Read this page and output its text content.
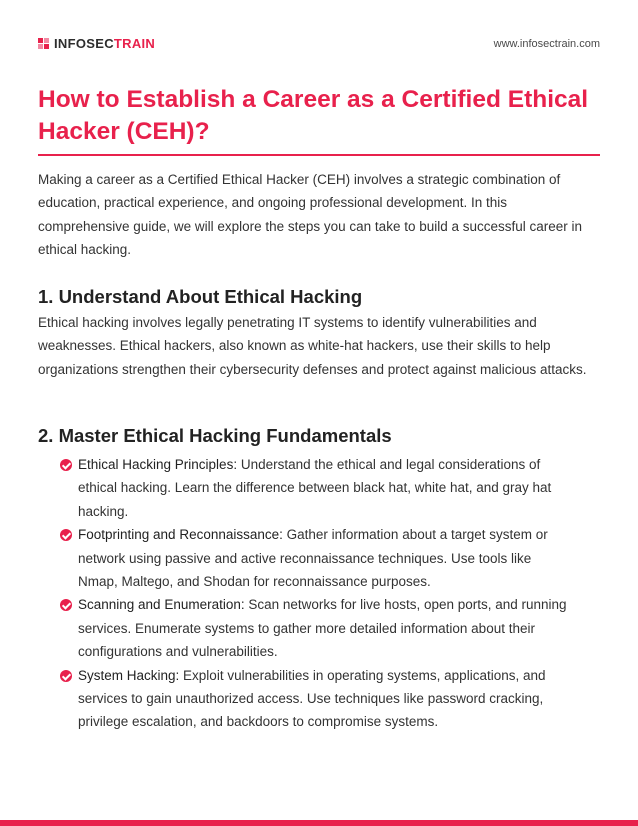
INFOSECTRAIN	www.infosectrain.com
How to Establish a Career as a Certified Ethical Hacker (CEH)?

Making a career as a Certified Ethical Hacker (CEH) involves a strategic combination of education, practical experience, and ongoing professional development. In this comprehensive guide, we will explore the steps you can take to build a successful career in ethical hacking.

1. Understand About Ethical Hacking

Ethical hacking involves legally penetrating IT systems to identify vulnerabilities and weaknesses. Ethical hackers, also known as white-hat hackers, use their skills to help organizations strengthen their cybersecurity defenses and protect against malicious attacks.

2. Master Ethical Hacking Fundamentals
Ethical Hacking Principles: Understand the ethical and legal considerations of ethical hacking. Learn the difference between black hat, white hat, and gray hat hacking.
Footprinting and Reconnaissance: Gather information about a target system or network using passive and active reconnaissance techniques. Use tools like Nmap, Maltego, and Shodan for reconnaissance purposes.
Scanning and Enumeration: Scan networks for live hosts, open ports, and running services. Enumerate systems to gather more detailed information about their configurations and vulnerabilities.
System Hacking: Exploit vulnerabilities in operating systems, applications, and services to gain unauthorized access. Use techniques like password cracking, privilege escalation, and backdoors to compromise systems.
